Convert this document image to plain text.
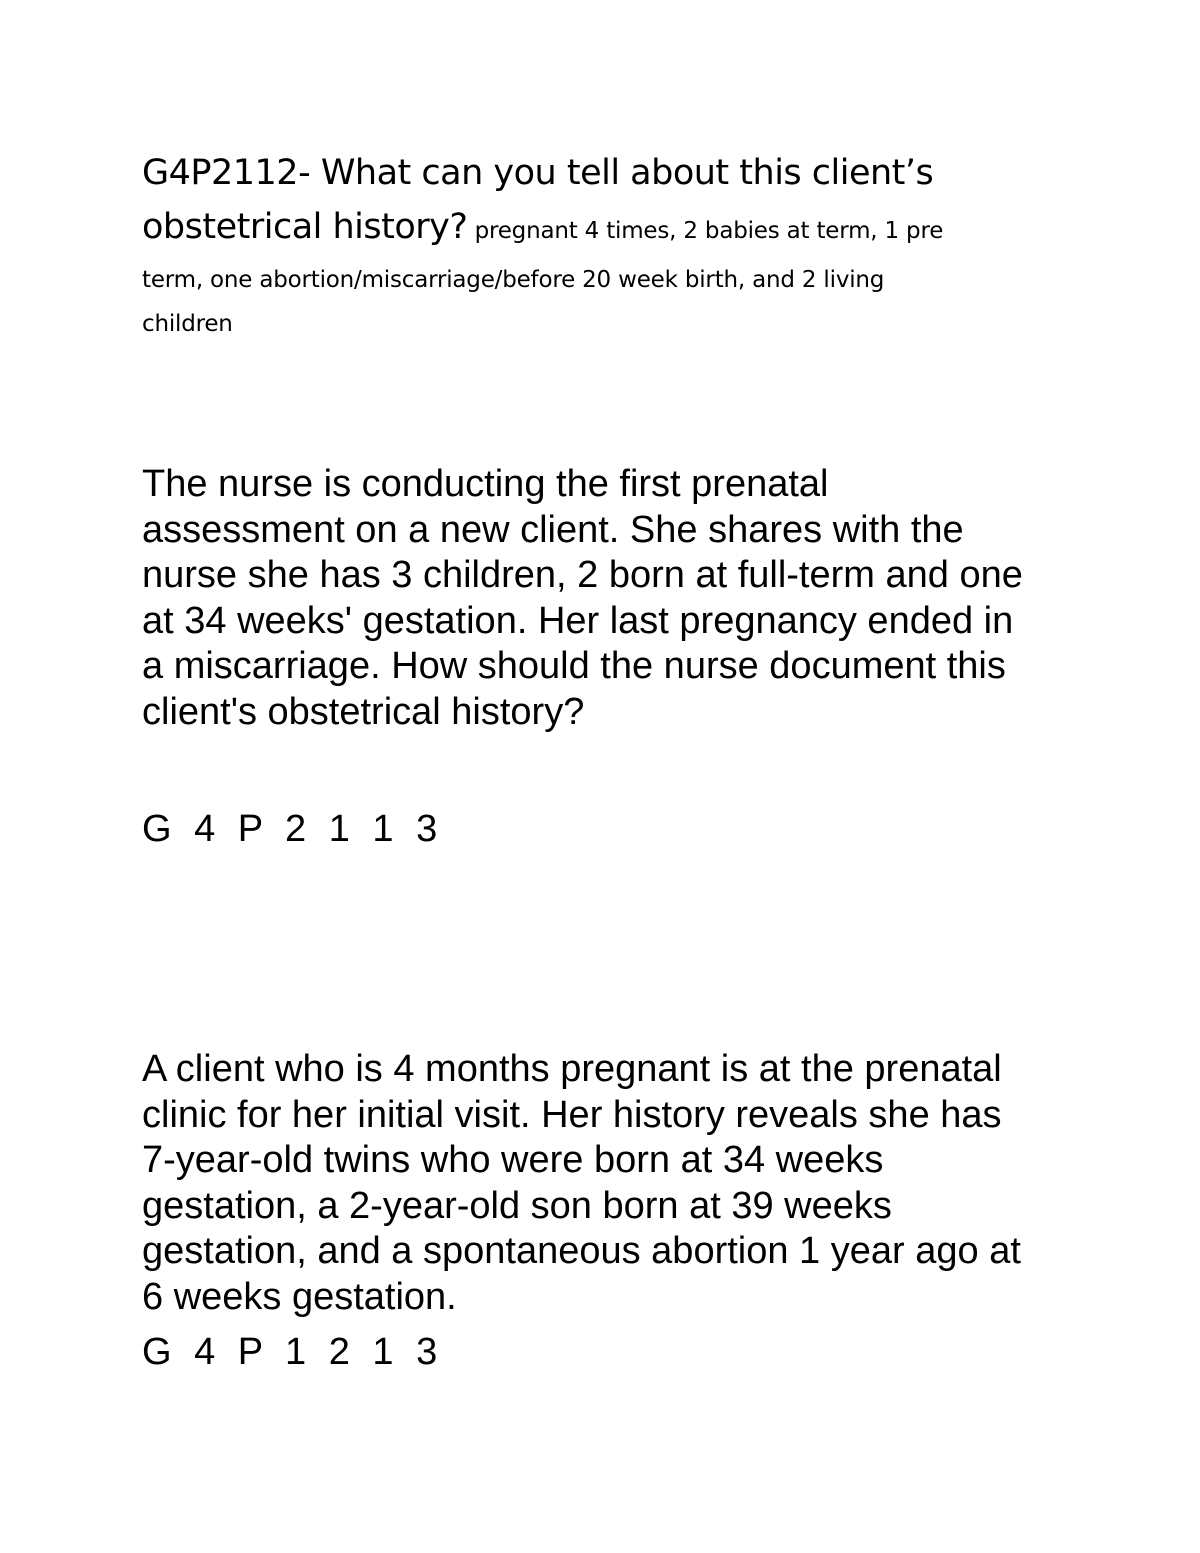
G4P2112- What can you tell about this client’s
obstetrical history? pregnant 4 times, 2 babies at term, 1 pre
term, one abortion/miscarriage/before 20 week birth, and 2 living
children
The nurse is conducting the first prenatal
assessment on a new client. She shares with the
nurse she has 3 children, 2 born at full-term and one
at 34 weeks' gestation. Her last pregnancy ended in
a miscarriage. How should the nurse document this
client's obstetrical history?
G 4 P 2 1 1 3
A client who is 4 months pregnant is at the prenatal
clinic for her initial visit. Her history reveals she has
7-year-old twins who were born at 34 weeks
gestation, a 2-year-old son born at 39 weeks
gestation, and a spontaneous abortion 1 year ago at
6 weeks gestation.
G 4 P 1 2 1 3
